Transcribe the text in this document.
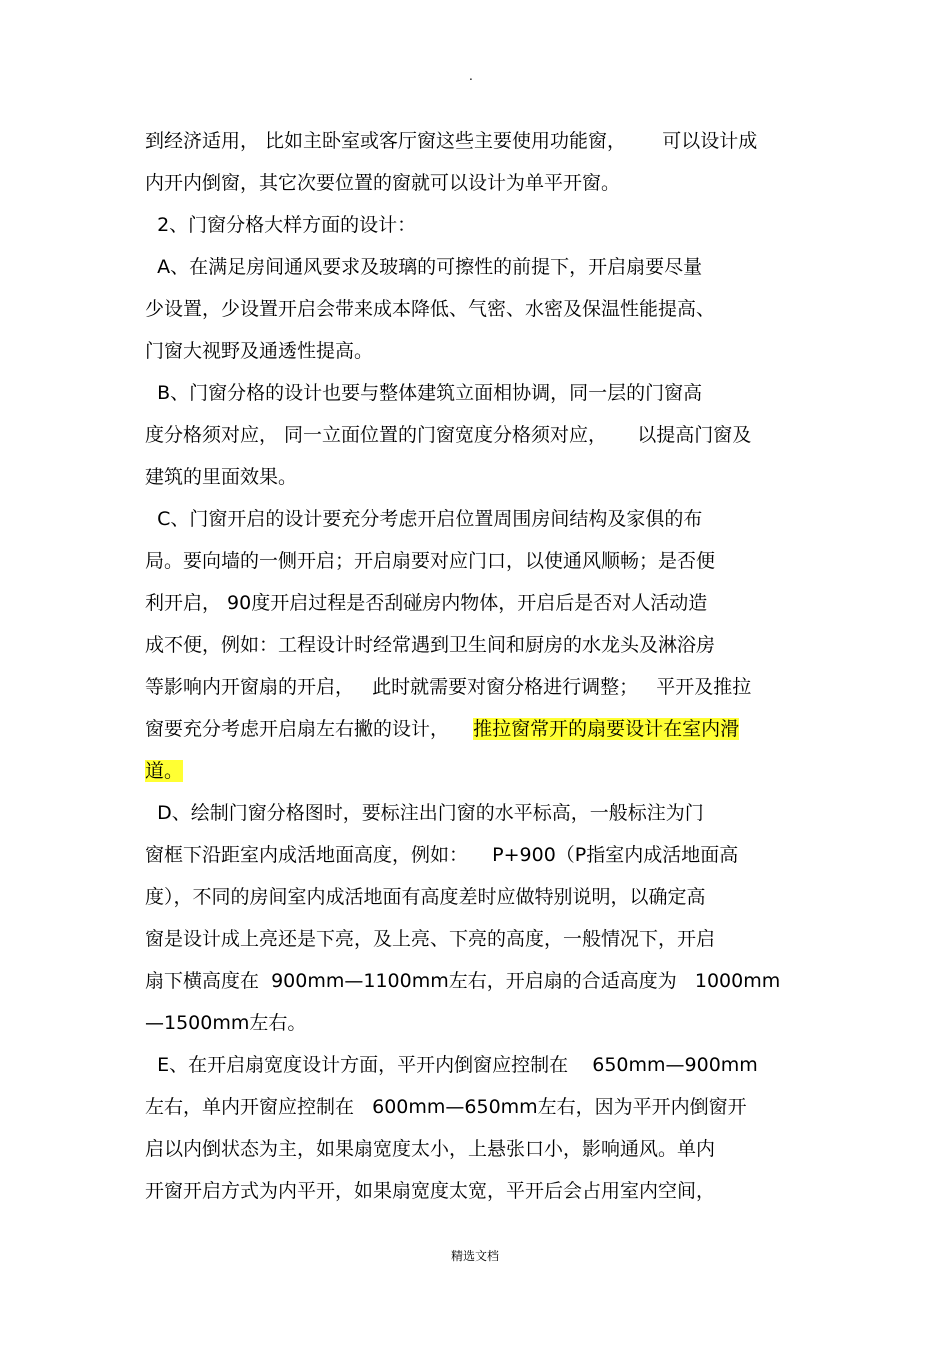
.
到经济适用， 比如主卧室或客厅窗这些主要使用功能窗，      可以设计成
内开内倒窗，其它次要位置的窗就可以设计为单平开窗。
2、门窗分格大样方面的设计：
A、在满足房间通风要求及玻璃的可擦性的前提下，开启扇要尽量
少设置，少设置开启会带来成本降低、气密、水密及保温性能提高、
门窗大视野及通透性提高。
B、门窗分格的设计也要与整体建筑立面相协调，同一层的门窗高
度分格须对应， 同一立面位置的门窗宽度分格须对应，     以提高门窗及
建筑的里面效果。
C、门窗开启的设计要充分考虑开启位置周围房间结构及家俱的布
局。要向墙的一侧开启；开启扇要对应门口，以使通风顺畅；是否便
利开启， 90度开启过程是否刮碰房内物体，开启后是否对人活动造
成不便，例如：工程设计时经常遇到卫生间和厨房的水龙头及淋浴房
等影响内开窗扇的开启，   此时就需要对窗分格进行调整；   平开及推拉
窗要充分考虑开启扇左右撇的设计，    推拉窗常开的扇要设计在室内滑
道。
D、绘制门窗分格图时，要标注出门窗的水平标高，一般标注为门
窗框下沿距室内成活地面高度，例如：    P+900（P指室内成活地面高
度），不同的房间室内成活地面有高度差时应做特别说明，以确定高
窗是设计成上亮还是下亮，及上亮、下亮的高度，一般情况下，开启
扇下横高度在  900mm—1100mm左右，开启扇的合适高度为   1000mm
—1500mm左右。
E、在开启扇宽度设计方面，平开内倒窗应控制在    650mm—900mm
左右，单内开窗应控制在   600mm—650mm左右，因为平开内倒窗开
启以内倒状态为主，如果扇宽度太小，上悬张口小，影响通风。单内
开窗开启方式为内平开，如果扇宽度太宽，平开后会占用室内空间，
精选文档
